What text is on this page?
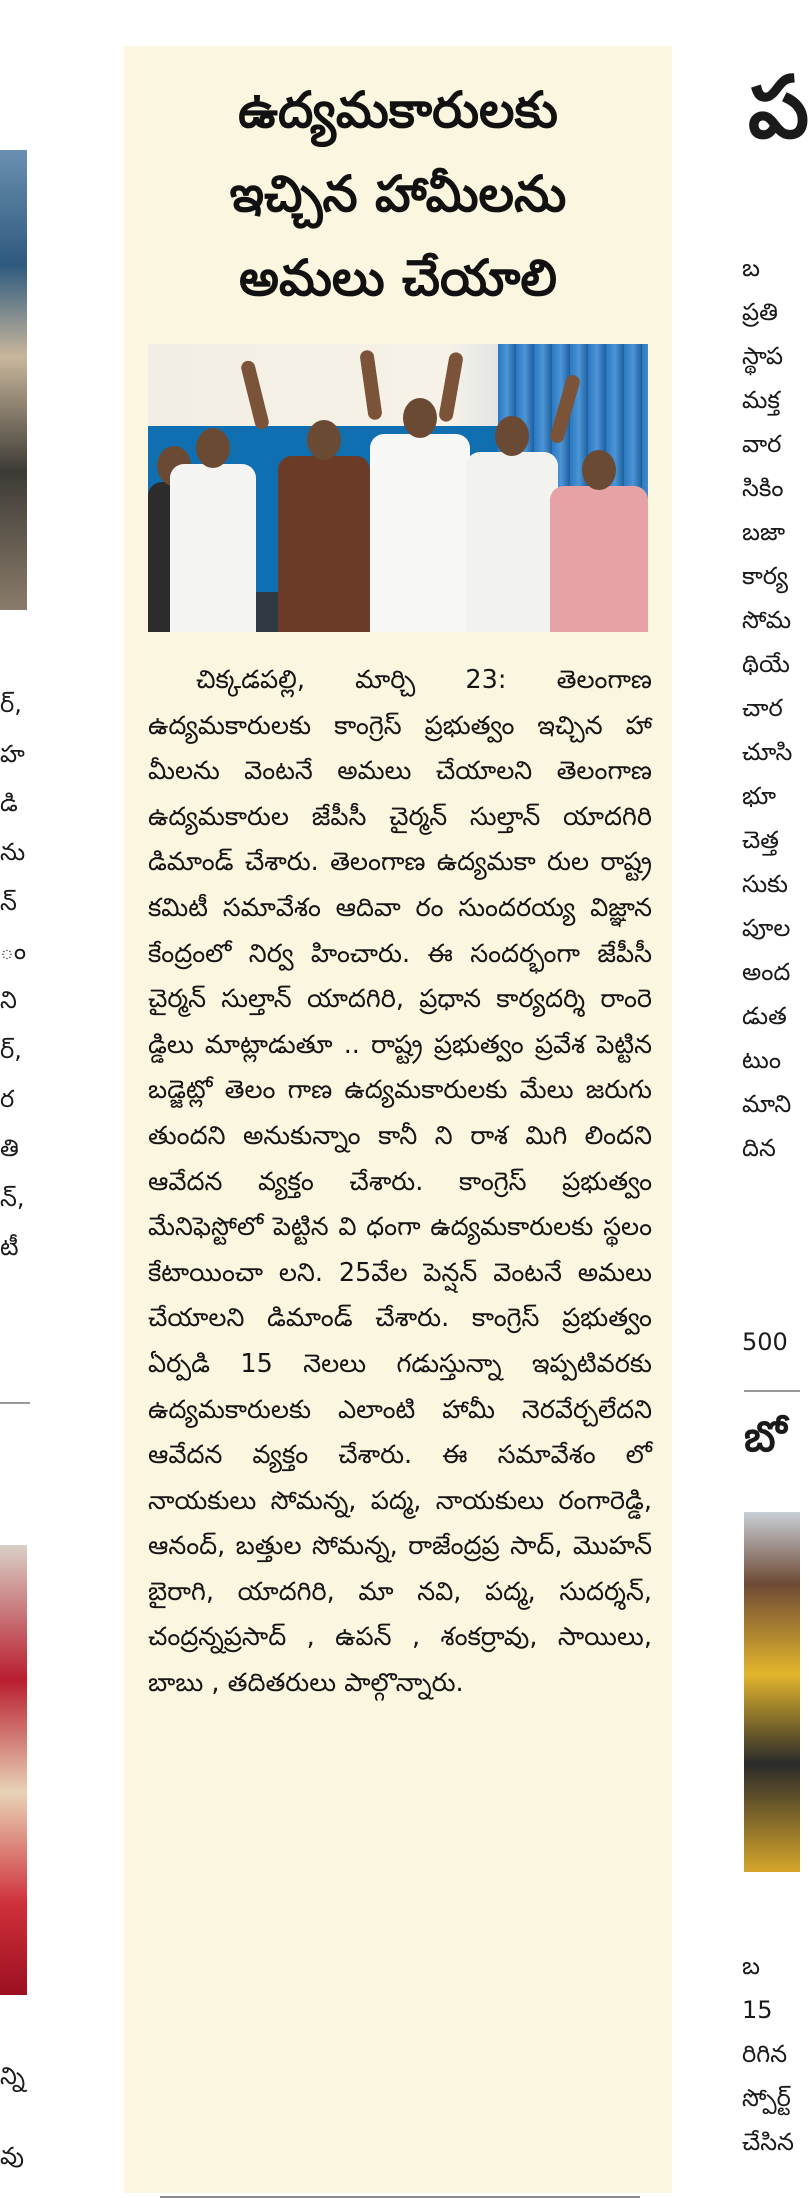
ర్,
హ
డి
ను
న్
ం
ని
ర్,
ర
తి
న్,
టీ
న్ని
వు
ఉద్యమకారులకు
ఇచ్చిన హామీలను
అమలు చేయాలి
చిక్కడపల్లి, మార్చి 23: తెలంగాణ ఉద్యమకారులకు కాంగ్రెస్ ప్రభుత్వం ఇచ్చిన హా మీలను వెంటనే అమలు చేయాలని తెలంగాణ ఉద్యమకారుల జేపీసీ చైర్మన్ సుల్తాన్ యాదగిరి డిమాండ్ చేశారు. తెలంగాణ ఉద్యమకా రుల రాష్ట్ర కమిటీ సమావేశం ఆదివా రం సుందరయ్య విజ్ఞాన కేంద్రంలో నిర్వ హించారు. ఈ సందర్భంగా జేపీసీ చైర్మన్ సుల్తాన్ యాదగిరి, ప్రధాన కార్యదర్శి రాంరె డ్డిలు మాట్లాడుతూ .. రాష్ట్ర ప్రభుత్వం ప్రవేశ పెట్టిన బడ్జెట్లో తెలం గాణ ఉద్యమకారులకు మేలు జరుగు తుందని అనుకున్నాం కానీ ని రాశ మిగి లిందని ఆవేదన వ్యక్తం చేశారు. కాంగ్రెస్ ప్రభుత్వం మేనిఫెస్టోలో పెట్టిన వి ధంగా ఉద్యమకారులకు స్థలం కేటాయించా లని. 25వేల పెన్షన్ వెంటనే అమలు చేయాలని డిమాండ్ చేశారు. కాంగ్రెస్ ప్రభుత్వం ఏర్పడి 15 నెలలు గడుస్తున్నా ఇప్పటివరకు ఉద్యమకారులకు ఎలాంటి హామీ నెరవేర్చలేదని ఆవేదన వ్యక్తం చేశారు. ఈ సమావేశం లో నాయకులు సోమన్న, పద్మ, నాయకులు రంగారెడ్డి, ఆనంద్, బత్తుల సోమన్న, రాజేంద్రప్ర సాద్, మొహన్ బైరాగి, యాదగిరి, మా నవి, పద్మ, సుదర్శన్, చంద్రన్నప్రసాద్ , ఉపన్ , శంకర్రావు, సాయిలు, బాబు , తదితరులు పాల్గొన్నారు.
ప
బ
ప్రతి
స్థాప
మక్త
వార
సికిం
బజా
కార్య
సోమ
థియే
చార
చూసి
భూ
చెత్త
సుకు
పూల
అంద
డుత
టుం
మాని
దిన
500
బో
బ
15
రిగిన
స్పోర్ట్
చేసిన
